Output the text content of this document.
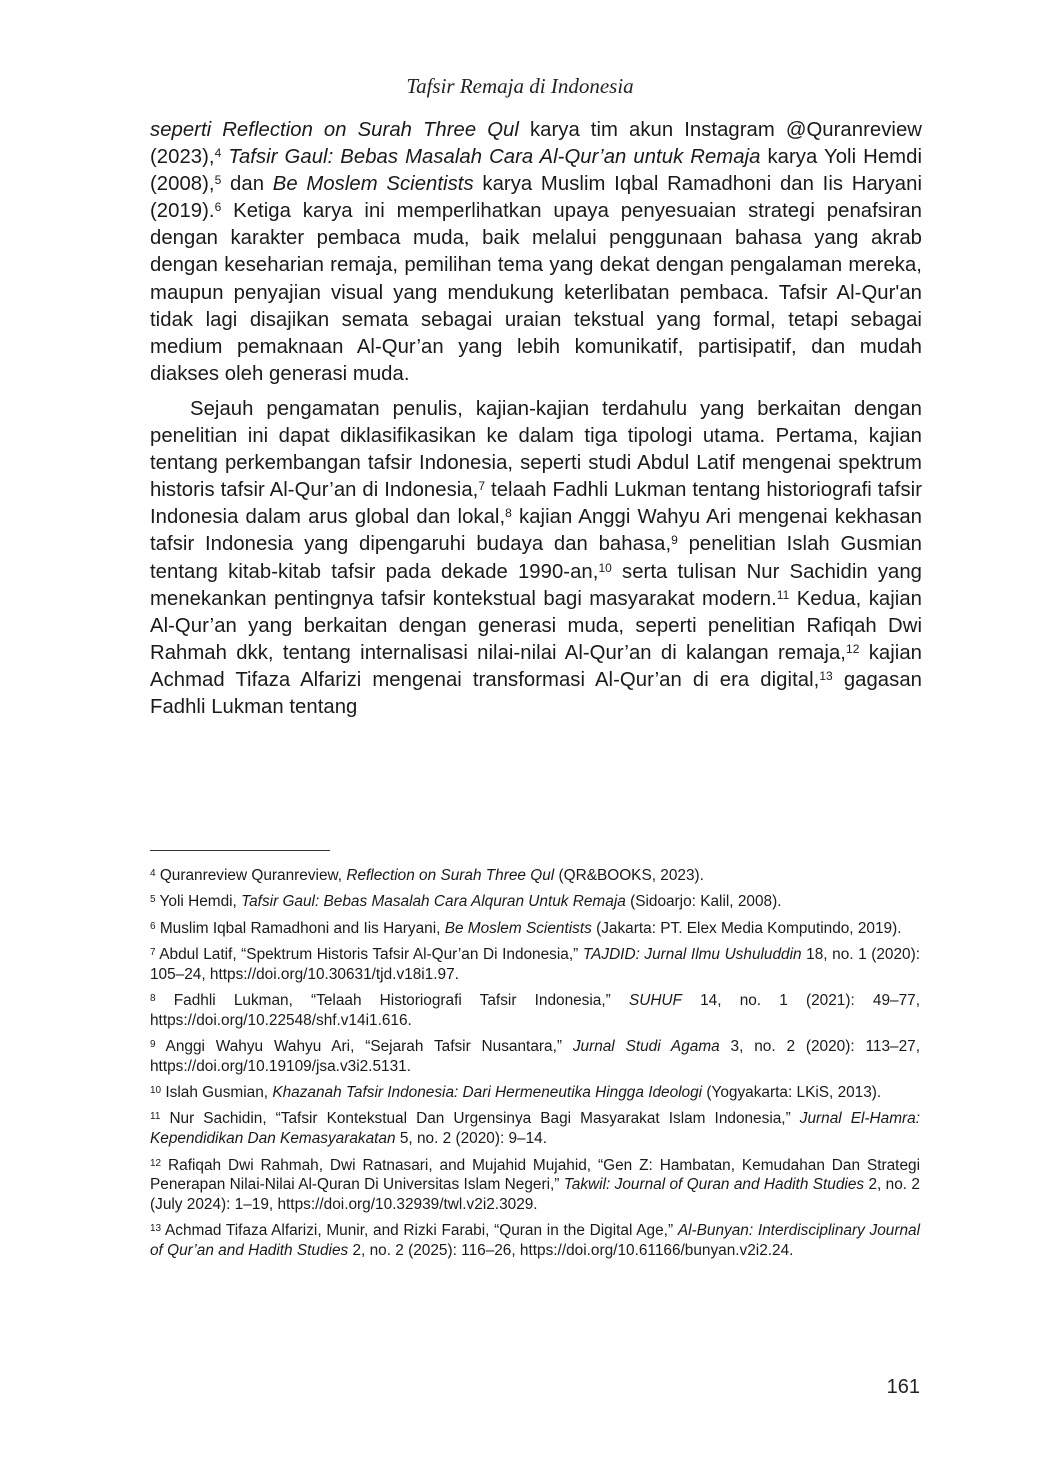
Tafsir Remaja di Indonesia

seperti Reflection on Surah Three Qul karya tim akun Instagram @Quranreview (2023),$^4$ Tafsir Gaul: Bebas Masalah Cara Al-Qur’an untuk Remaja karya Yoli Hemdi (2008),$^5$ dan Be Moslem Scientists karya Muslim Iqbal Ramadhoni dan Iis Haryani (2019).$^6$ Ketiga karya ini memperlihatkan upaya penyesuaian strategi penafsiran dengan karakter pembaca muda, baik melalui penggunaan bahasa yang akrab dengan keseharian remaja, pemilihan tema yang dekat dengan pengalaman mereka, maupun penyajian visual yang mendukung keterlibatan pembaca. Tafsir Al-Qur'an tidak lagi disajikan semata sebagai uraian tekstual yang formal, tetapi sebagai medium pemaknaan Al-Qur’an yang lebih komunikatif, partisipatif, dan mudah diakses oleh generasi muda.

Sejauh pengamatan penulis, kajian-kajian terdahulu yang berkaitan dengan penelitian ini dapat diklasifikasikan ke dalam tiga tipologi utama. Pertama, kajian tentang perkembangan tafsir Indonesia, seperti studi Abdul Latif mengenai spektrum historis tafsir Al-Qur’an di Indonesia,$^7$ telaah Fadhli Lukman tentang historiografi tafsir Indonesia dalam arus global dan lokal,$^8$ kajian Anggi Wahyu Ari mengenai kekhasan tafsir Indonesia yang dipengaruhi budaya dan bahasa,$^9$ penelitian Islah Gusmian tentang kitab-kitab tafsir pada dekade 1990-an,$^{10}$ serta tulisan Nur Sachidin yang menekankan pentingnya tafsir kontekstual bagi masyarakat modern.$^{11}$ Kedua, kajian Al-Qur’an yang berkaitan dengan generasi muda, seperti penelitian Rafiqah Dwi Rahmah dkk, tentang internalisasi nilai-nilai Al-Qur’an di kalangan remaja,$^{12}$ kajian Achmad Tifaza Alfarizi mengenai transformasi Al-Qur’an di era digital,$^{13}$ gagasan Fadhli Lukman tentang

$^4$ Quranreview Quranreview, Reflection on Surah Three Qul (QR&BOOKS, 2023).

$^5$ Yoli Hemdi, Tafsir Gaul: Bebas Masalah Cara Alquran Untuk Remaja (Sidoarjo: Kalil, 2008).

$^6$ Muslim Iqbal Ramadhoni and Iis Haryani, Be Moslem Scientists (Jakarta: PT. Elex Media Komputindo, 2019).

$^7$ Abdul Latif, “Spektrum Historis Tafsir Al-Qur’an Di Indonesia,” TAJDID: Jurnal Ilmu Ushuluddin 18, no. 1 (2020): 105–24, https://doi.org/10.30631/tjd.v18i1.97.

$^8$ Fadhli Lukman, “Telaah Historiografi Tafsir Indonesia,” SUHUF 14, no. 1 (2021): 49–77, https://doi.org/10.22548/shf.v14i1.616.

$^9$ Anggi Wahyu Wahyu Ari, “Sejarah Tafsir Nusantara,” Jurnal Studi Agama 3, no. 2 (2020): 113–27, https://doi.org/10.19109/jsa.v3i2.5131.

$^{10}$ Islah Gusmian, Khazanah Tafsir Indonesia: Dari Hermeneutika Hingga Ideologi (Yogyakarta: LKiS, 2013).

$^{11}$ Nur Sachidin, “Tafsir Kontekstual Dan Urgensinya Bagi Masyarakat Islam Indonesia,” Jurnal El-Hamra: Kependidikan Dan Kemasyarakatan 5, no. 2 (2020): 9–14.

$^{12}$ Rafiqah Dwi Rahmah, Dwi Ratnasari, and Mujahid Mujahid, “Gen Z: Hambatan, Kemudahan Dan Strategi Penerapan Nilai-Nilai Al-Quran Di Universitas Islam Negeri,” Takwil: Journal of Quran and Hadith Studies 2, no. 2 (July 2024): 1–19, https://doi.org/10.32939/twl.v2i2.3029.

$^{13}$ Achmad Tifaza Alfarizi, Munir, and Rizki Farabi, “Quran in the Digital Age,” Al-Bunyan: Interdisciplinary Journal of Qur’an and Hadith Studies 2, no. 2 (2025): 116–26, https://doi.org/10.61166/bunyan.v2i2.24.

161
